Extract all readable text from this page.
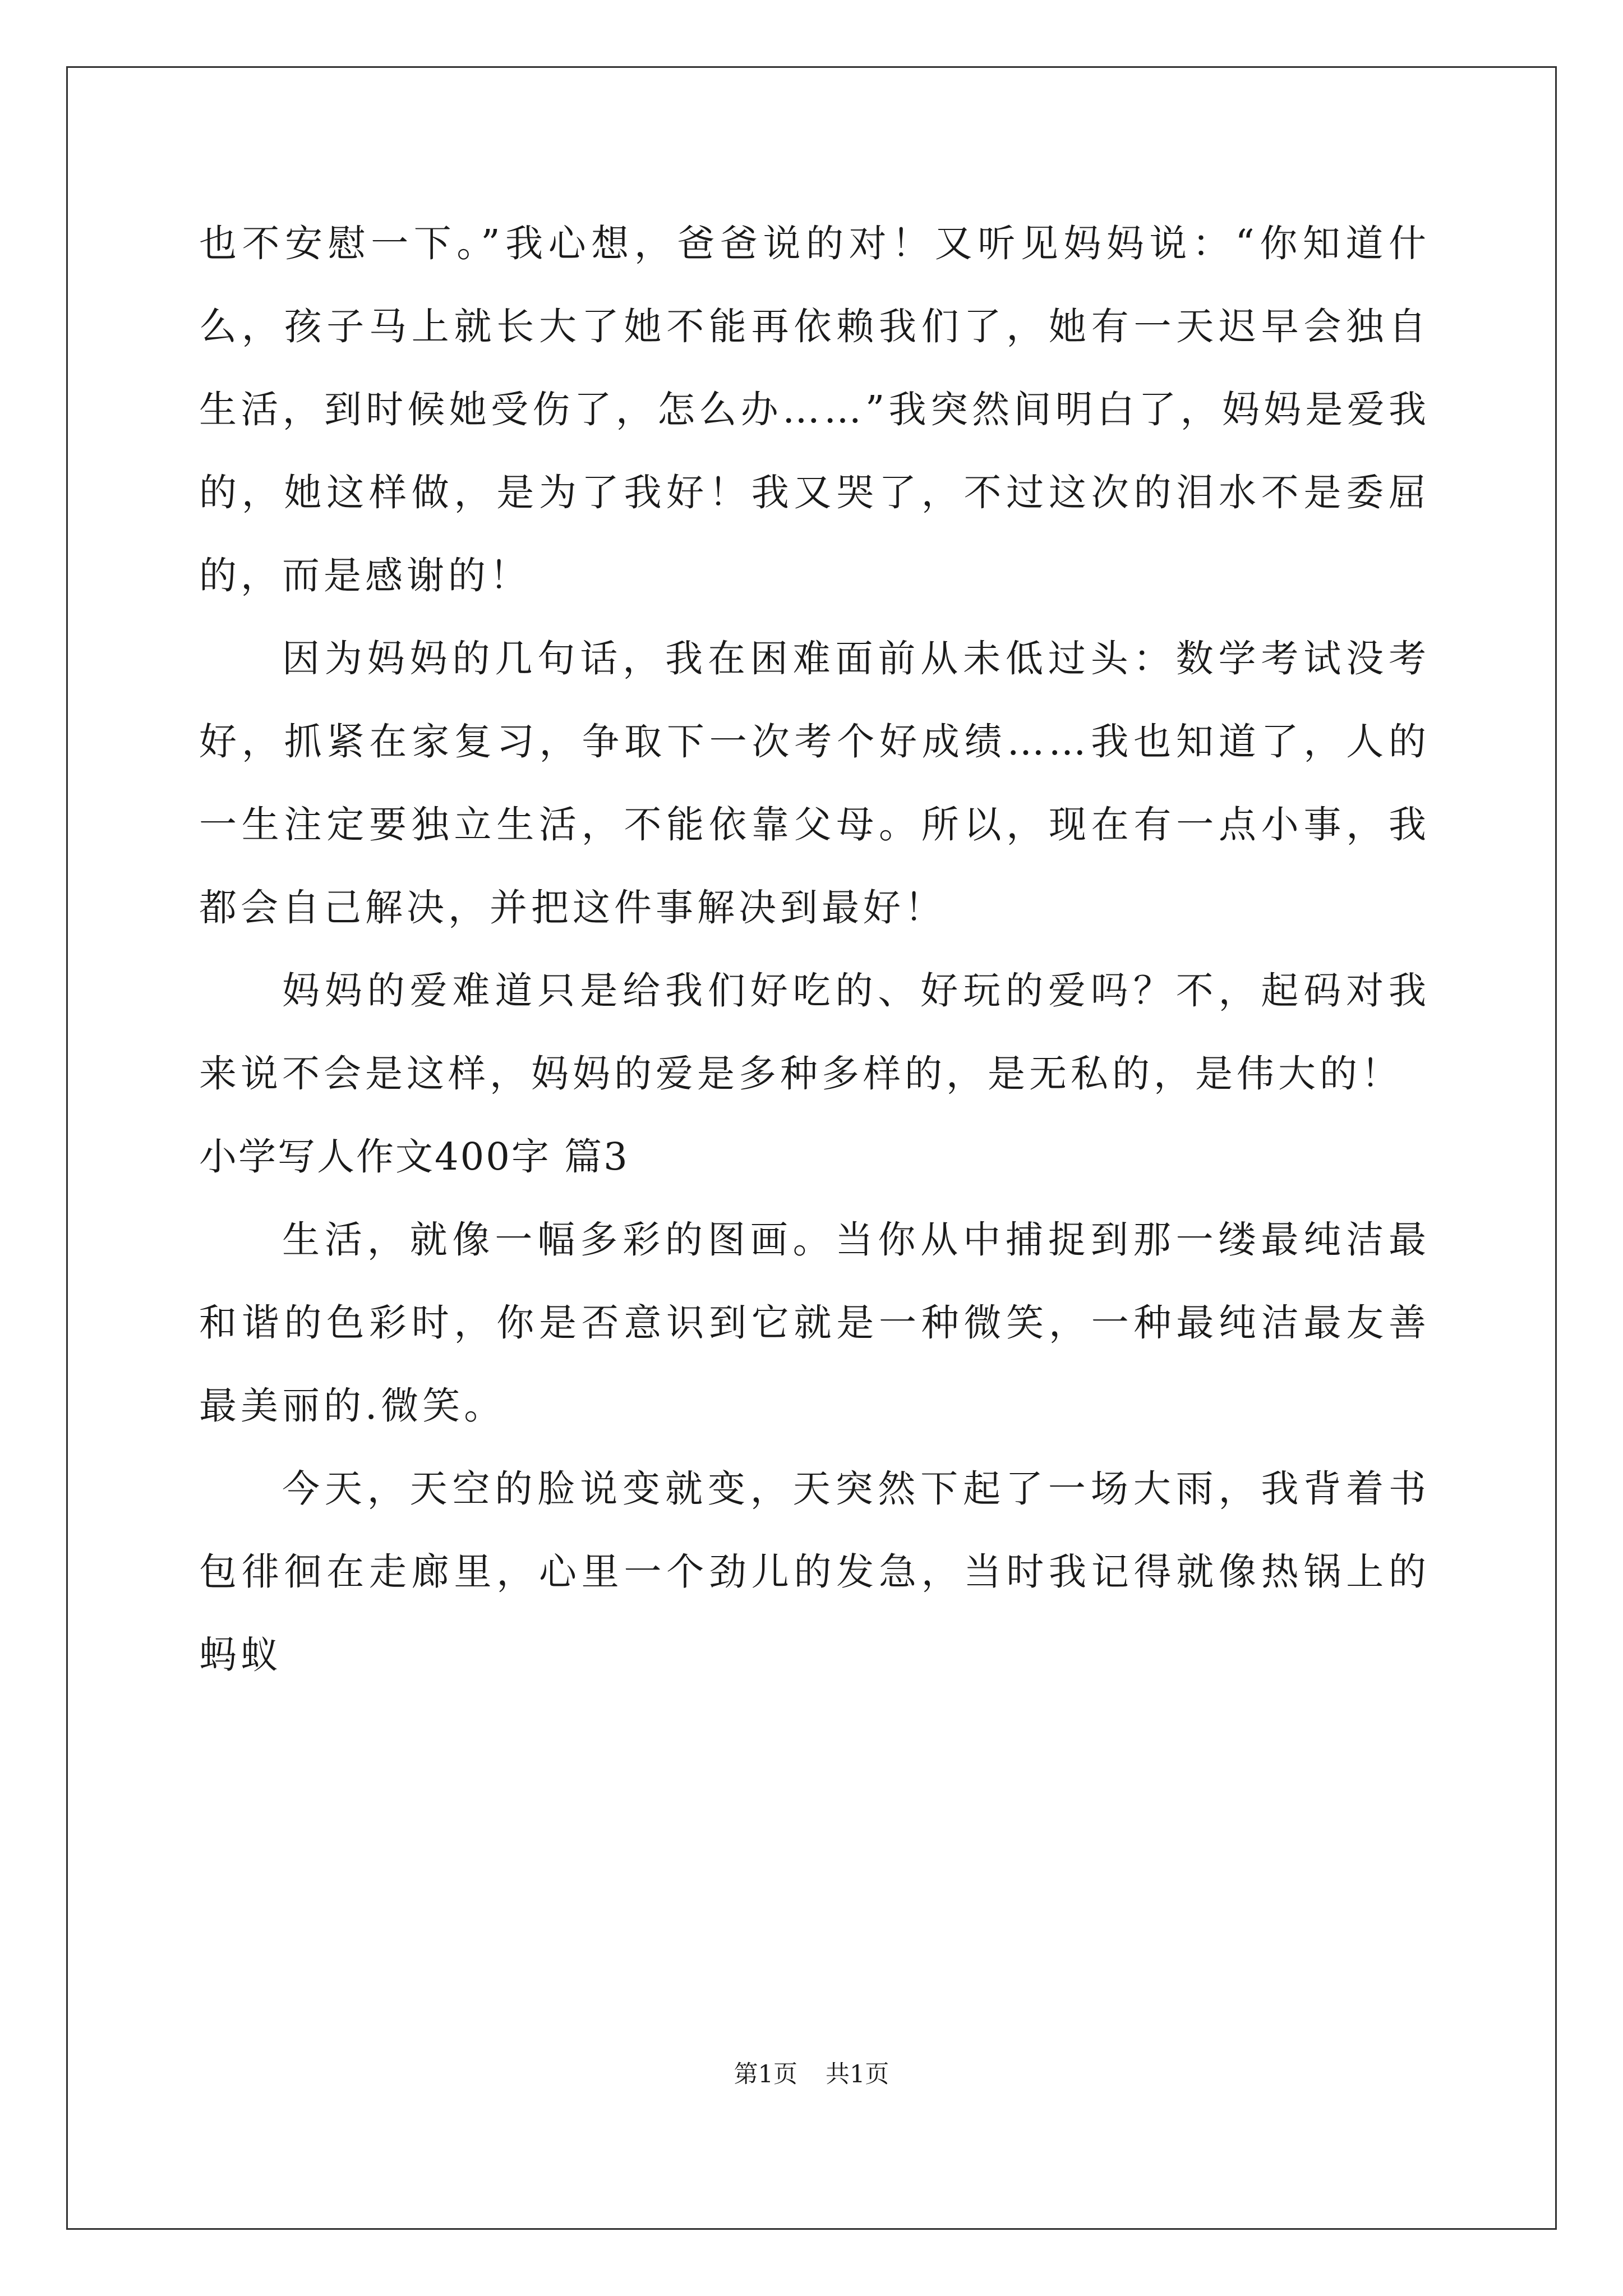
也不安慰一下。”我心想，爸爸说的对！又听见妈妈说：“你知道什么，孩子马上就长大了她不能再依赖我们了，她有一天迟早会独自生活，到时候她受伤了，怎么办……”我突然间明白了，妈妈是爱我的，她这样做，是为了我好！我又哭了，不过这次的泪水不是委屈的，而是感谢的！

因为妈妈的几句话，我在困难面前从未低过头：数学考试没考好，抓紧在家复习，争取下一次考个好成绩……我也知道了，人的一生注定要独立生活，不能依靠父母。所以，现在有一点小事，我都会自己解决，并把这件事解决到最好！

妈妈的爱难道只是给我们好吃的、好玩的爱吗？不，起码对我来说不会是这样，妈妈的爱是多种多样的，是无私的，是伟大的！

小学写人作文400字 篇3

生活，就像一幅多彩的图画。当你从中捕捉到那一缕最纯洁最和谐的色彩时，你是否意识到它就是一种微笑，一种最纯洁最友善最美丽的.微笑。

今天，天空的脸说变就变，天突然下起了一场大雨，我背着书包徘徊在走廊里，心里一个劲儿的发急，当时我记得就像热锅上的蚂蚁

第1页 共1页
